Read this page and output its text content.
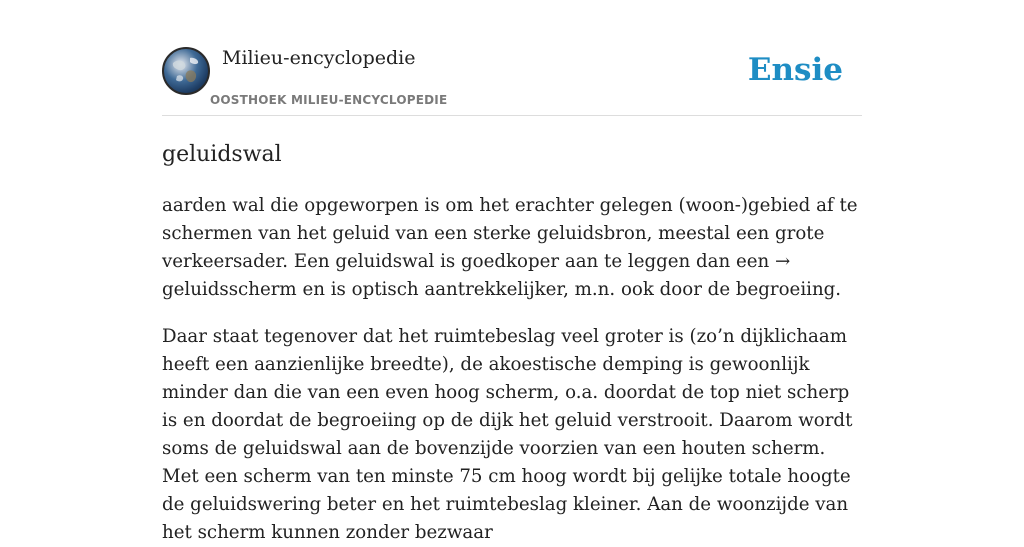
Milieu-encyclopedie
OOSTHOEK MILIEU-ENCYCLOPEDIE
Ensie
geluidswal

aarden wal die opgeworpen is om het erachter gelegen (woon-)gebied af te schermen van het geluid van een sterke geluidsbron, meestal een grote verkeersader. Een geluidswal is goedkoper aan te leggen dan een → geluidsscherm en is optisch aantrekkelijker, m.n. ook door de begroeiing.

Daar staat tegenover dat het ruimtebeslag veel groter is (zo’n dijklichaam heeft een aanzienlijke breedte), de akoestische demping is gewoonlijk minder dan die van een even hoog scherm, o.a. doordat de top niet scherp is en doordat de begroeiing op de dijk het geluid verstrooit. Daarom wordt soms de geluidswal aan de bovenzijde voorzien van een houten scherm. Met een scherm van ten minste 75 cm hoog wordt bij gelijke totale hoogte de geluidswering beter en het ruimtebeslag kleiner. Aan de woonzijde van het scherm kunnen zonder bezwaar
